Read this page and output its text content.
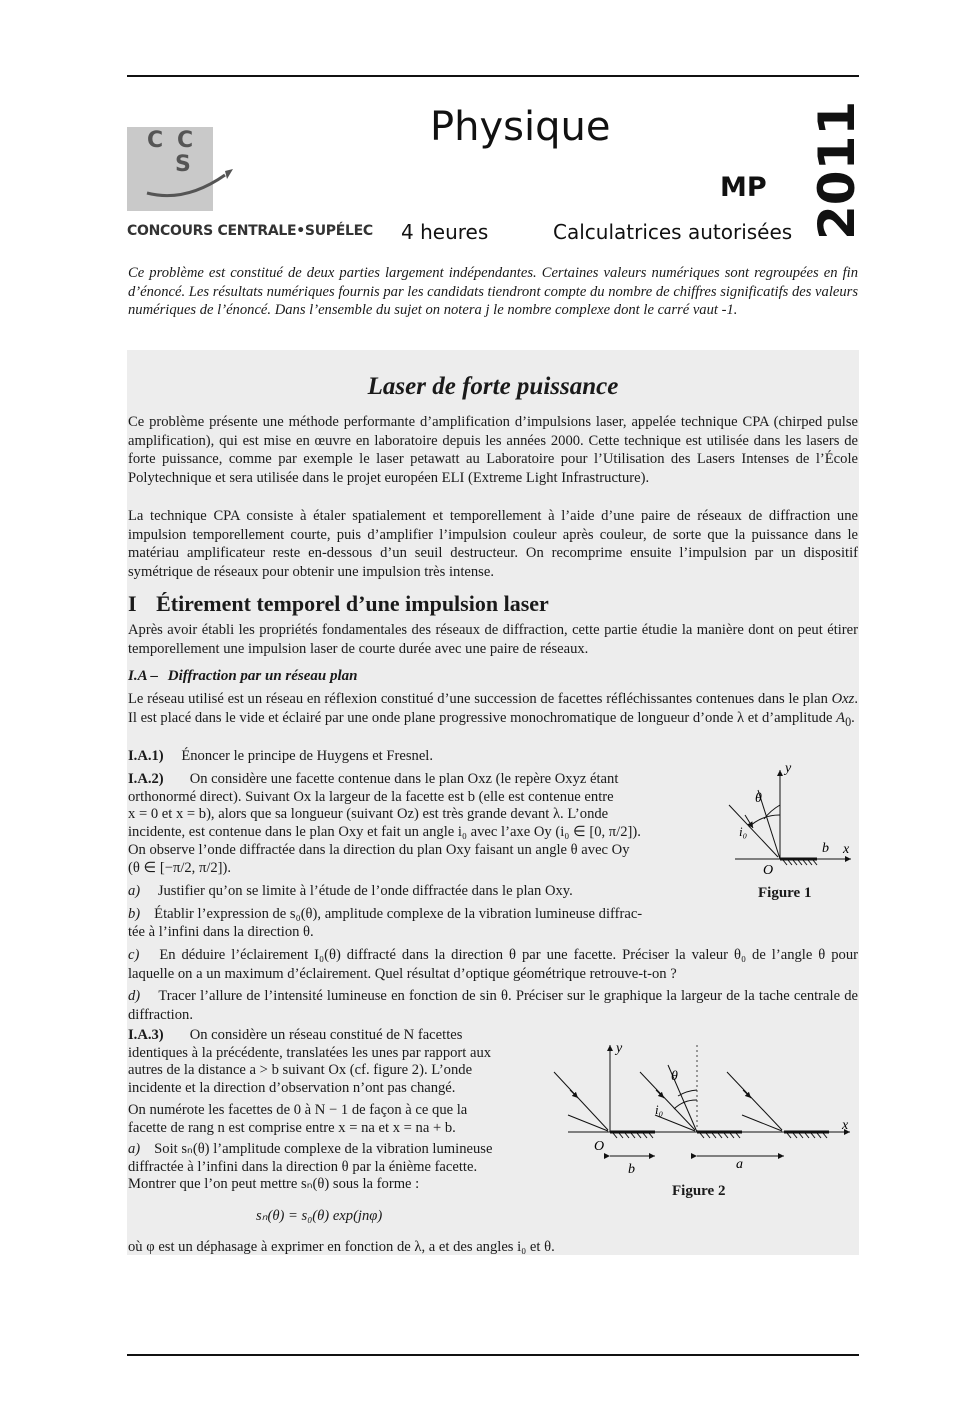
C C
S
CONCOURS CENTRALE•SUPÉLEC
Physique
MP
4 heures	Calculatrices autorisées 2011
Ce problème est constitué de deux parties largement indépendantes. Certaines valeurs numériques sont regroupées en fin d’énoncé. Les résultats numériques fournis par les candidats tiendront compte du nombre de chiffres significatifs des valeurs numériques de l’énoncé. Dans l’ensemble du sujet on notera j le nombre complexe dont le carré vaut -1.
Laser de forte puissance
Ce problème présente une méthode performante d’amplification d’impulsions laser, appelée technique CPA (chirped pulse amplification), qui est mise en œuvre en laboratoire depuis les années 2000. Cette technique est utilisée dans les lasers de forte puissance, comme par exemple le laser petawatt au Laboratoire pour l’Utilisation des Lasers Intenses de l’École Polytechnique et sera utilisée dans le projet européen ELI (Extreme Light Infrastructure).
La technique CPA consiste à étaler spatialement et temporellement à l’aide d’une paire de réseaux de diffraction une impulsion temporellement courte, puis d’amplifier l’impulsion couleur après couleur, de sorte que la puissance dans le matériau amplificateur reste en-dessous d’un seuil destructeur. On recomprime ensuite l’impulsion par un dispositif symétrique de réseaux pour obtenir une impulsion très intense.
I Étirement temporel d’une impulsion laser
Après avoir établi les propriétés fondamentales des réseaux de diffraction, cette partie étudie la manière dont on peut étirer temporellement une impulsion laser de courte durée avec une paire de réseaux.
I.A – Diffraction par un réseau plan
Le réseau utilisé est un réseau en réflexion constitué d’une succession de facettes réfléchissantes contenues dans le plan Oxz. Il est placé dans le vide et éclairé par une onde plane progressive monochromatique de longueur d’onde λ et d’amplitude $A_0$.
I.A.1) Énoncer le principe de Huygens et Fresnel.
I.A.2) On considère une facette contenue dans le plan Oxz (le repère Oxyz étant
orthonormé direct). Suivant Ox la largeur de la facette est b (elle est contenue entre
x = 0 et x = b), alors que sa longueur (suivant Oz) est très grande devant λ. L’onde
incidente, est contenue dans le plan Oxy et fait un angle i₀ avec l’axe Oy (i₀ ∈ [0, π/2]).
On observe l’onde diffractée dans la direction du plan Oxy faisant un angle θ avec Oy
(θ ∈ [−π/2, π/2]).
a) Justifier qu’on se limite à l’étude de l’onde diffractée dans le plan Oxy.
b) Établir l’expression de s₀(θ), amplitude complexe de la vibration lumineuse diffrac-
tée à l’infini dans la direction θ.
y
x
O
b
θ
i₀
Figure 1
c) En déduire l’éclairement I₀(θ) diffracté dans la direction θ par une facette. Préciser la valeur θ₀ de l’angle θ pour laquelle on a un maximum d’éclairement. Quel résultat d’optique géométrique retrouve-t-on ?
d) Tracer l’allure de l’intensité lumineuse en fonction de sin θ. Préciser sur le graphique la largeur de la tache centrale de diffraction.
I.A.3) On considère un réseau constitué de N facettes
identiques à la précédente, translatées les unes par rapport aux
autres de la distance a > b suivant Ox (cf. figure 2). L’onde
incidente et la direction d’observation n’ont pas changé.
On numérote les facettes de 0 à N − 1 de façon à ce que la
facette de rang n est comprise entre x = na et x = na + b.
a) Soit sₙ(θ) l’amplitude complexe de la vibration lumineuse
diffractée à l’infini dans la direction θ par la énième facette.
Montrer que l’on peut mettre sₙ(θ) sous la forme :
sₙ(θ) = s₀(θ) exp(jnφ)
où φ est un déphasage à exprimer en fonction de λ, a et des angles i₀ et θ.
y
x
O
b	a
θ
i₀
Figure 2
